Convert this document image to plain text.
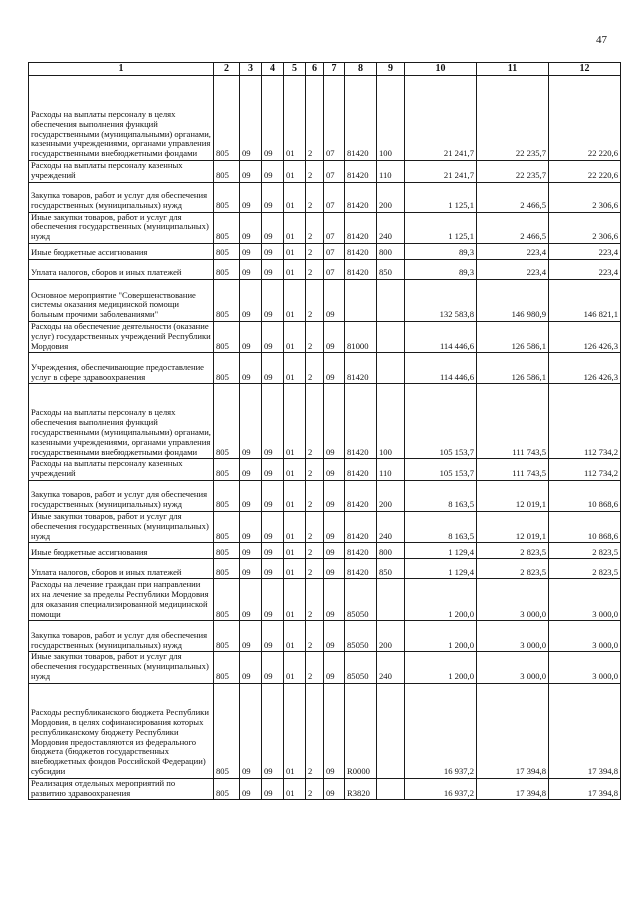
47
1	2	3	4	5	6	7	8	9	10	11	12
Расходы на выплаты персоналу в целях обеспечения выполнения функций государственными (муниципальными) органами, казенными учреждениями, органами управления государственными внебюджетными фондами	805	09	09	01	2	07	81420	100	21 241,7	22 235,7	22 220,6
Расходы на выплаты персоналу казенных учреждений	805	09	09	01	2	07	81420	110	21 241,7	22 235,7	22 220,6
Закупка товаров, работ и услуг для обеспечения государственных (муниципальных) нужд	805	09	09	01	2	07	81420	200	1 125,1	2 466,5	2 306,6
Иные закупки товаров, работ и услуг для обеспечения государственных (муниципальных) нужд	805	09	09	01	2	07	81420	240	1 125,1	2 466,5	2 306,6
Иные бюджетные ассигнования	805	09	09	01	2	07	81420	800	89,3	223,4	223,4
Уплата налогов, сборов и иных платежей	805	09	09	01	2	07	81420	850	89,3	223,4	223,4
Основное мероприятие "Совершенствование системы оказания медицинской помощи больным прочими заболеваниями"	805	09	09	01	2	09			132 583,8	146 980,9	146 821,1
Расходы на обеспечение деятельности (оказание услуг) государственных учреждений Республики Мордовия	805	09	09	01	2	09	81000		114 446,6	126 586,1	126 426,3
Учреждения, обеспечивающие предоставление услуг в сфере здравоохранения	805	09	09	01	2	09	81420		114 446,6	126 586,1	126 426,3
Расходы на выплаты персоналу в целях обеспечения выполнения функций государственными (муниципальными) органами, казенными учреждениями, органами управления государственными внебюджетными фондами	805	09	09	01	2	09	81420	100	105 153,7	111 743,5	112 734,2
Расходы на выплаты персоналу казенных учреждений	805	09	09	01	2	09	81420	110	105 153,7	111 743,5	112 734,2
Закупка товаров, работ и услуг для обеспечения государственных (муниципальных) нужд	805	09	09	01	2	09	81420	200	8 163,5	12 019,1	10 868,6
Иные закупки товаров, работ и услуг для обеспечения государственных (муниципальных) нужд	805	09	09	01	2	09	81420	240	8 163,5	12 019,1	10 868,6
Иные бюджетные ассигнования	805	09	09	01	2	09	81420	800	1 129,4	2 823,5	2 823,5
Уплата налогов, сборов и иных платежей	805	09	09	01	2	09	81420	850	1 129,4	2 823,5	2 823,5
Расходы на лечение граждан при направлении их на лечение за пределы Республики Мордовия для оказания специализированной медицинской помощи	805	09	09	01	2	09	85050		1 200,0	3 000,0	3 000,0
Закупка товаров, работ и услуг для обеспечения государственных (муниципальных) нужд	805	09	09	01	2	09	85050	200	1 200,0	3 000,0	3 000,0
Иные закупки товаров, работ и услуг для обеспечения государственных (муниципальных) нужд	805	09	09	01	2	09	85050	240	1 200,0	3 000,0	3 000,0
Расходы республиканского бюджета Республики Мордовия, в целях софинансирования которых республиканскому бюджету Республики Мордовия предоставляются из федерального бюджета (бюджетов государственных внебюджетных фондов Российской Федерации) субсидии	805	09	09	01	2	09	R0000		16 937,2	17 394,8	17 394,8
Реализация отдельных мероприятий по развитию здравоохранения	805	09	09	01	2	09	R3820		16 937,2	17 394,8	17 394,8
